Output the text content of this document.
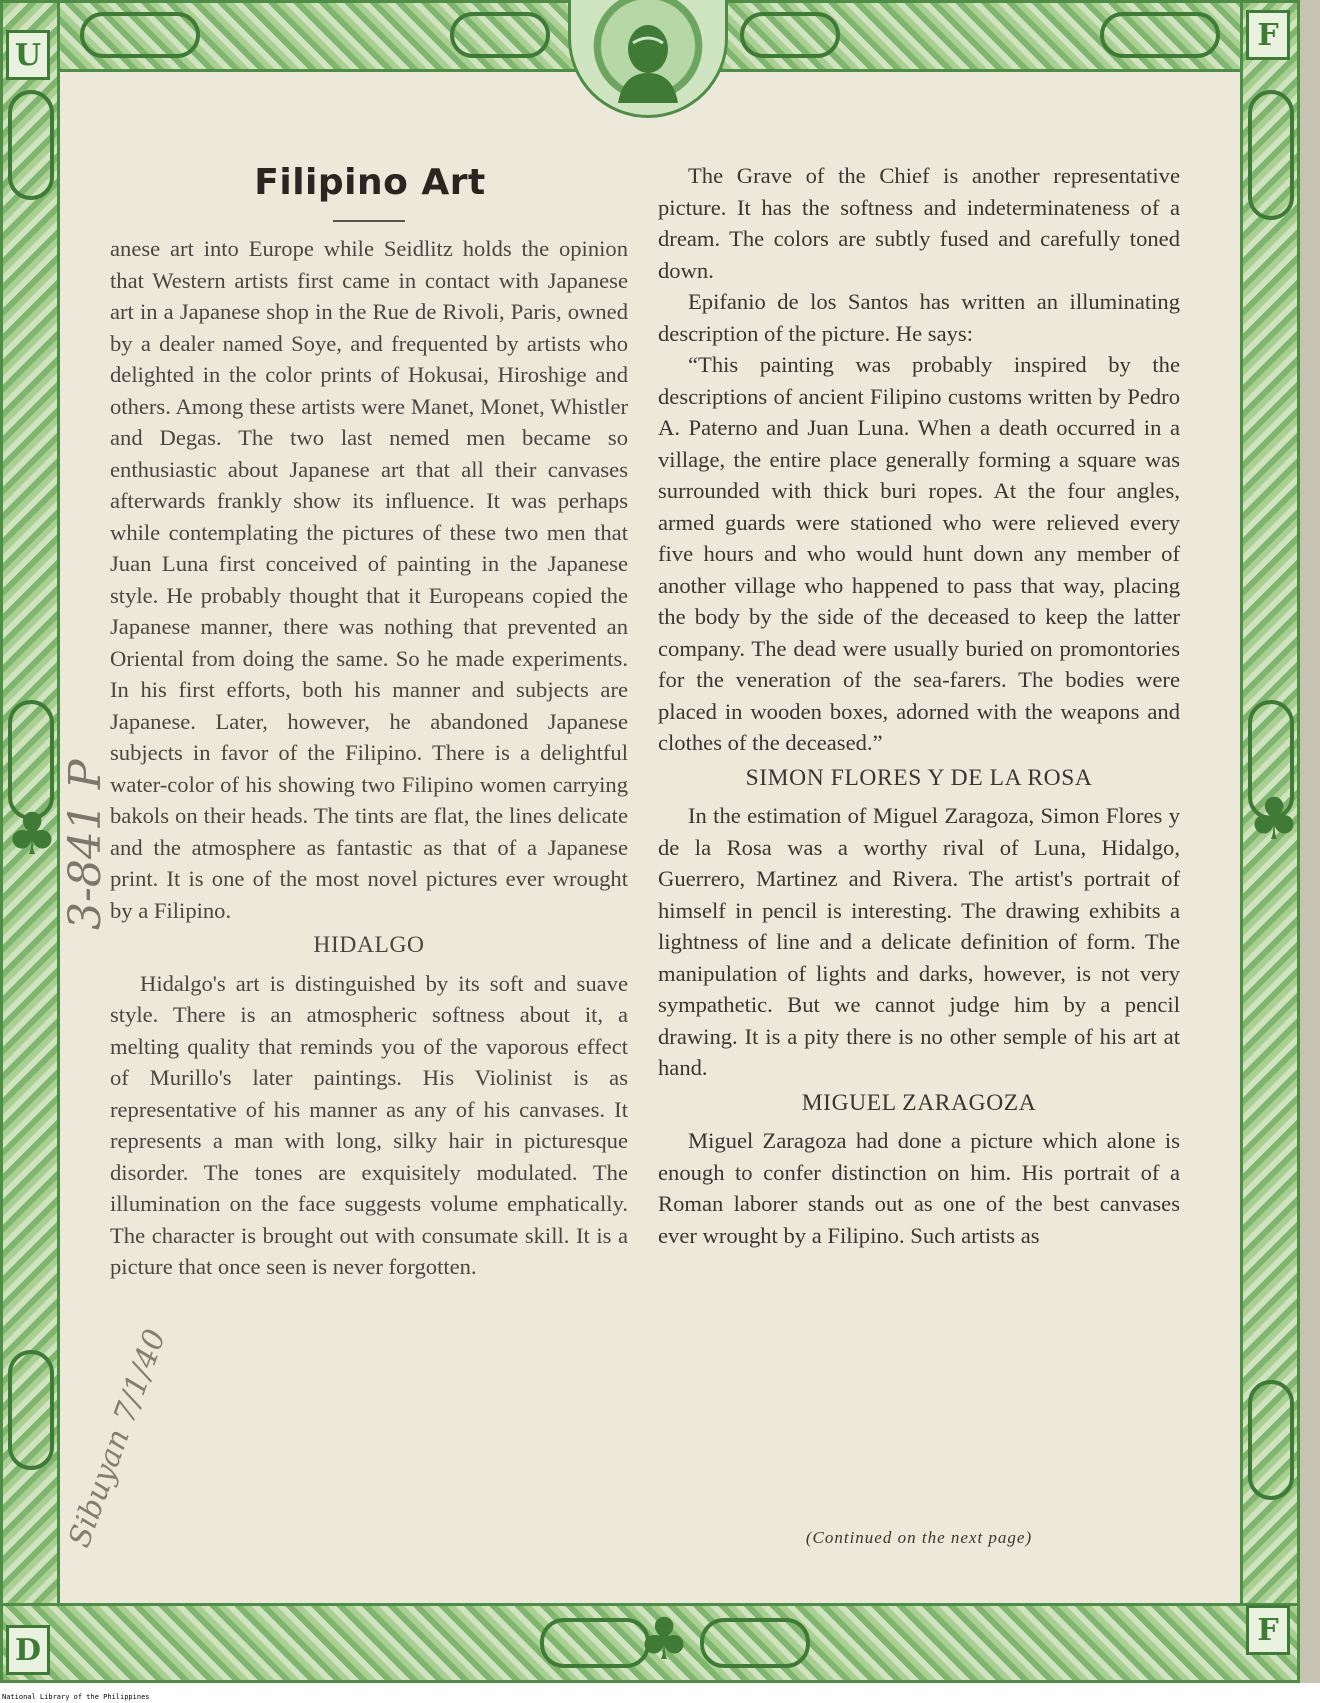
U
F
D
F
♣	♣
♣
Filipino Art

anese art into Europe while Seidlitz holds the opinion that Western artists first came in contact with Japanese art in a Japanese shop in the Rue de Rivoli, Paris, owned by a dealer named Soye, and frequented by artists who delighted in the color prints of Hokusai, Hiroshige and others. Among these artists were Manet, Monet, Whistler and Degas. The two last nemed men became so enthusiastic about Japanese art that all their canvases afterwards frankly show its influence. It was perhaps while contemplating the pictures of these two men that Juan Luna first conceived of painting in the Japanese style. He probably thought that it Europeans copied the Japanese manner, there was nothing that prevented an Oriental from doing the same. So he made experiments. In his first efforts, both his manner and subjects are Japanese. Later, however, he abandoned Japanese subjects in favor of the Filipino. There is a delightful water-color of his showing two Filipino women carrying bakols on their heads. The tints are flat, the lines delicate and the atmosphere as fantastic as that of a Japanese print. It is one of the most novel pictures ever wrought by a Filipino.

HIDALGO

Hidalgo's art is distinguished by its soft and suave style. There is an atmospheric softness about it, a melting quality that reminds you of the vaporous effect of Murillo's later paintings. His Violinist is as representative of his manner as any of his canvases. It represents a man with long, silky hair in picturesque disorder. The tones are exquisitely modulated. The illumination on the face suggests volume emphatically. The character is brought out with consumate skill. It is a picture that once seen is never forgotten.

The Grave of the Chief is another representative picture. It has the softness and indeterminateness of a dream. The colors are subtly fused and carefully toned down.

Epifanio de los Santos has written an illuminating description of the picture. He says:

“This painting was probably inspired by the descriptions of ancient Filipino customs written by Pedro A. Paterno and Juan Luna. When a death occurred in a village, the entire place generally forming a square was surrounded with thick buri ropes. At the four angles, armed guards were stationed who were relieved every five hours and who would hunt down any member of another village who happened to pass that way, placing the body by the side of the deceased to keep the latter company. The dead were usually buried on promontories for the veneration of the sea-farers. The bodies were placed in wooden boxes, adorned with the weapons and clothes of the deceased.”

SIMON FLORES Y DE LA ROSA

In the estimation of Miguel Zaragoza, Simon Flores y de la Rosa was a worthy rival of Luna, Hidalgo, Guerrero, Martinez and Rivera. The artist's portrait of himself in pencil is interesting. The drawing exhibits a lightness of line and a delicate definition of form. The manipulation of lights and darks, however, is not very sympathetic. But we cannot judge him by a pencil drawing. It is a pity there is no other semple of his art at hand.

MIGUEL ZARAGOZA

Miguel Zaragoza had done a picture which alone is enough to confer distinction on him. His portrait of a Roman laborer stands out as one of the best canvases ever wrought by a Filipino. Such artists as

(Continued on the next page)
3-841 P
Sibuyan 7/1/40
National Library of the Philippines
